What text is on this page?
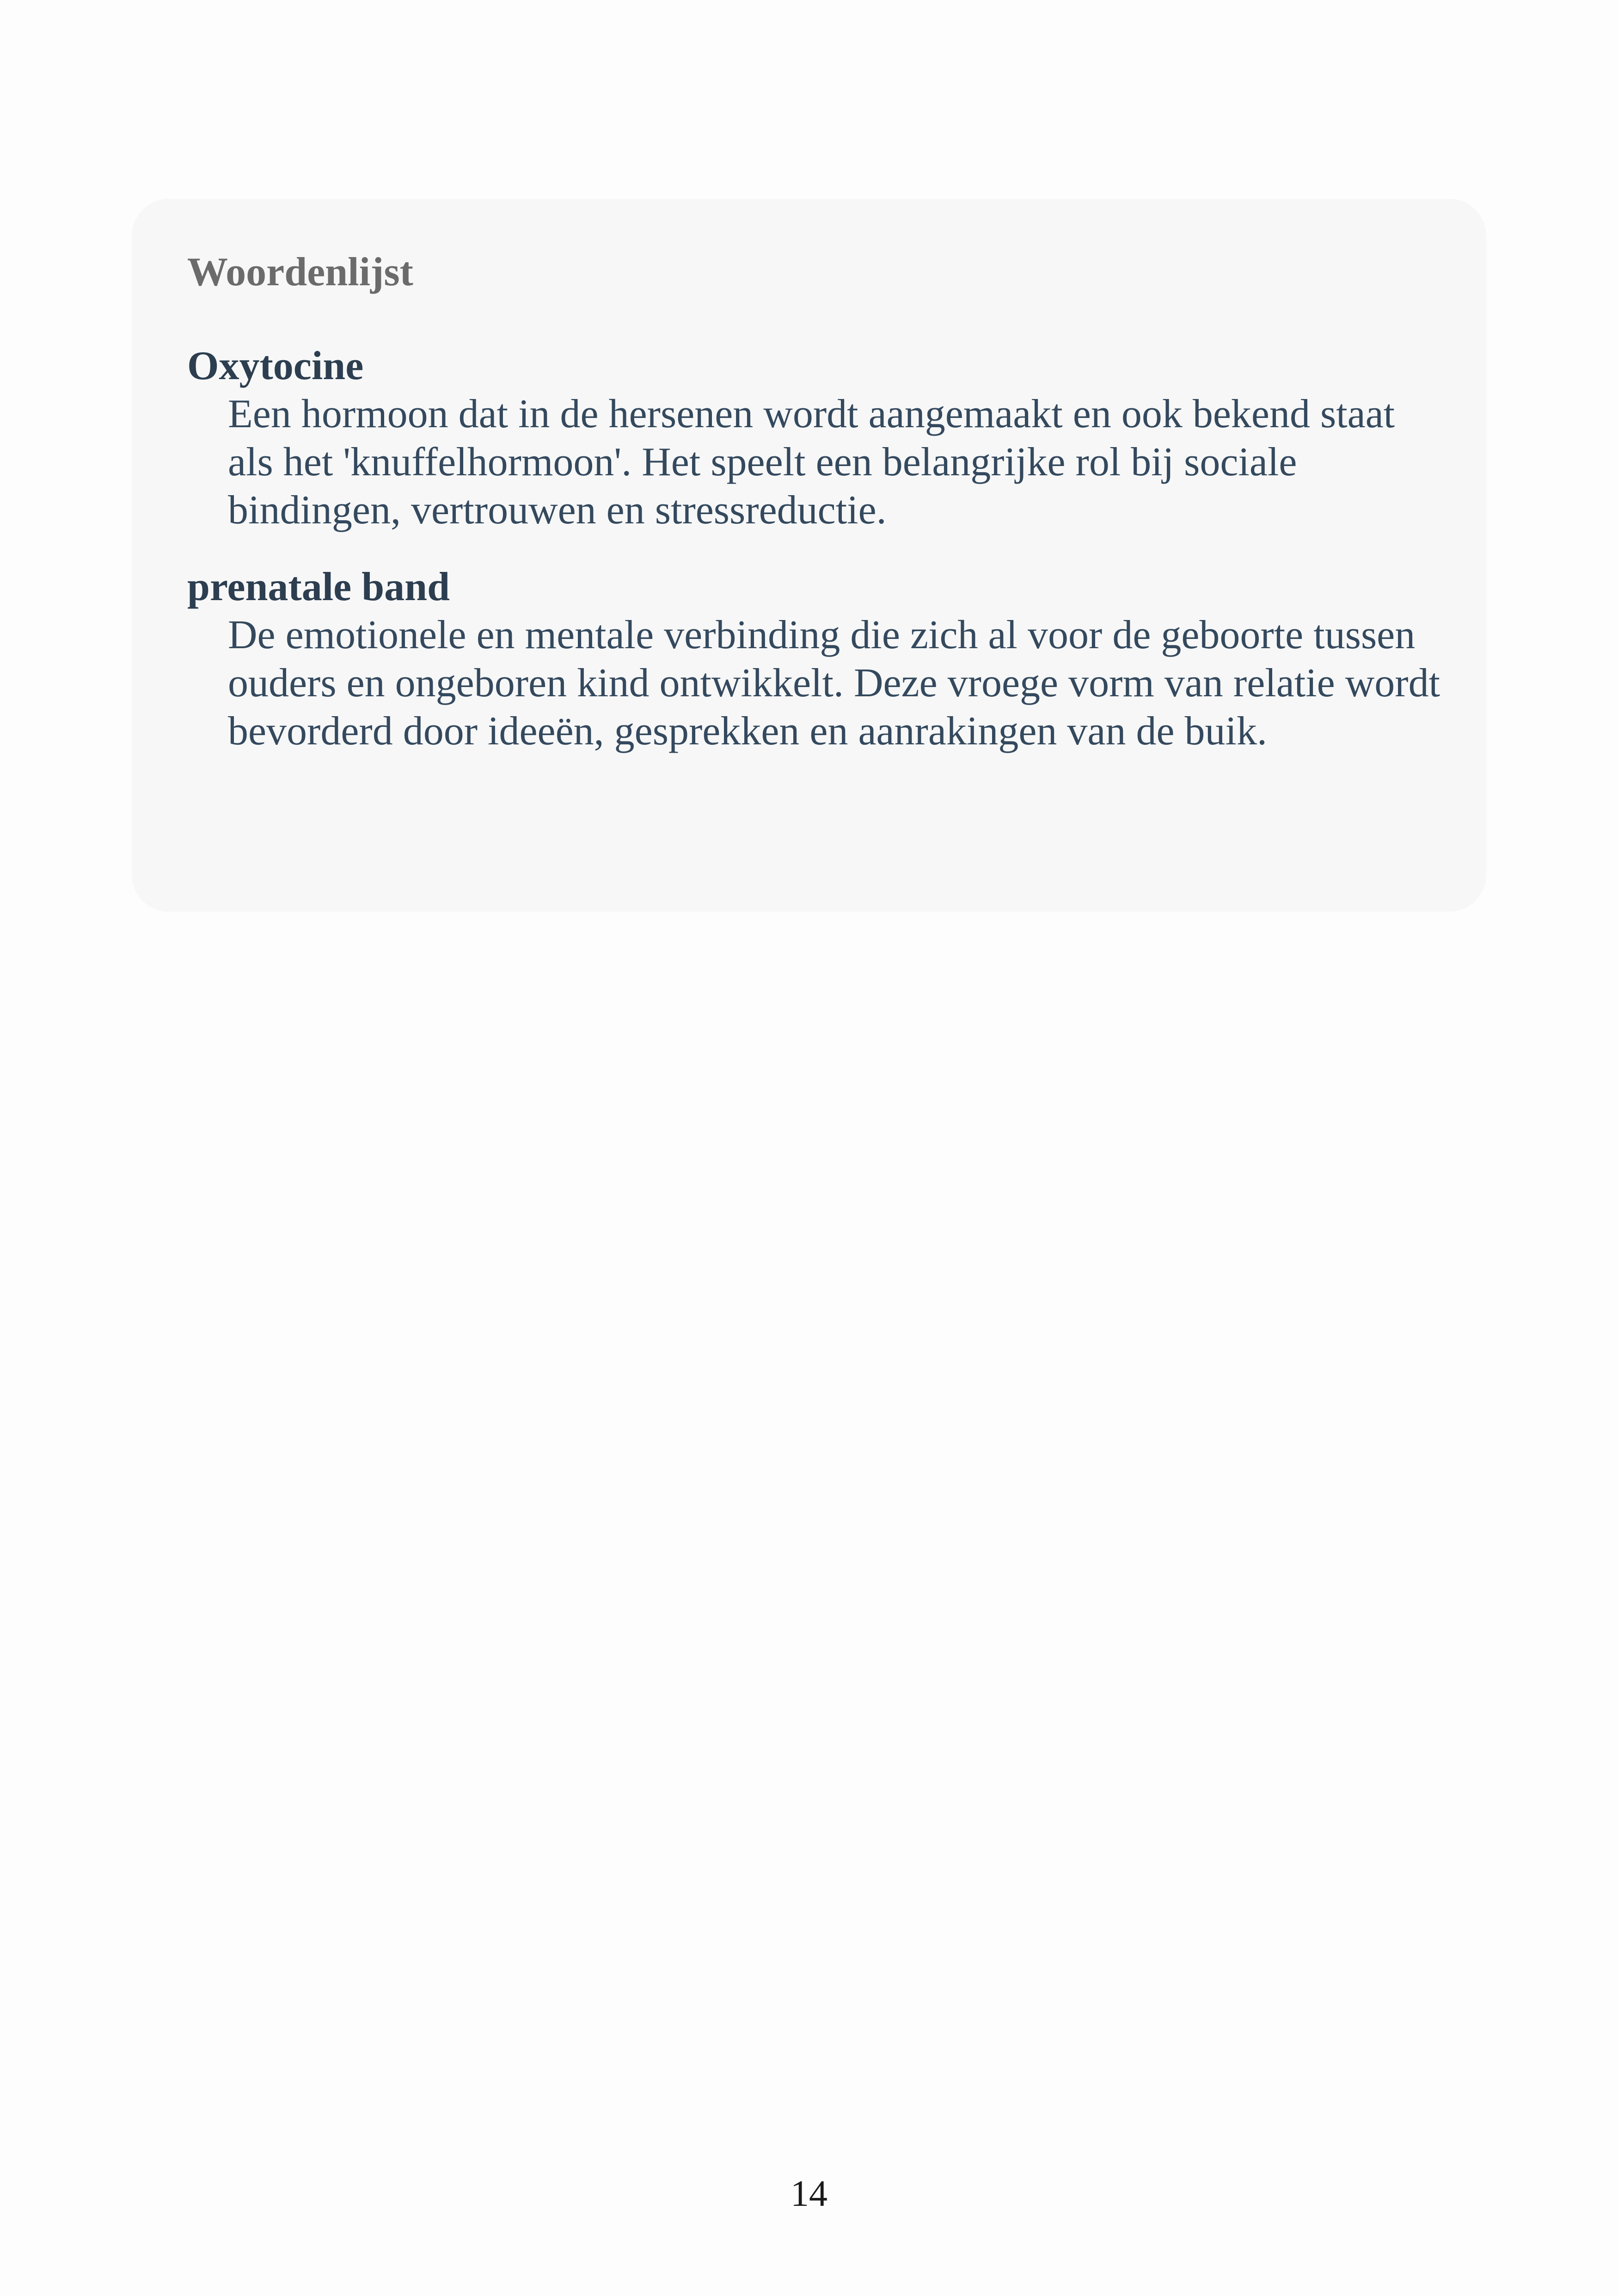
Woordenlijst
Oxytocine
Een hormoon dat in de hersenen wordt aangemaakt en ook bekend staat als het 'knuffelhormoon'. Het speelt een belangrijke rol bij sociale bindingen, vertrouwen en stressreductie.
prenatale band
De emotionele en mentale verbinding die zich al voor de geboorte tussen ouders en ongeboren kind ontwikkelt. Deze vroege vorm van relatie wordt bevorderd door ideeën, gesprekken en aanrakingen van de buik.
14
